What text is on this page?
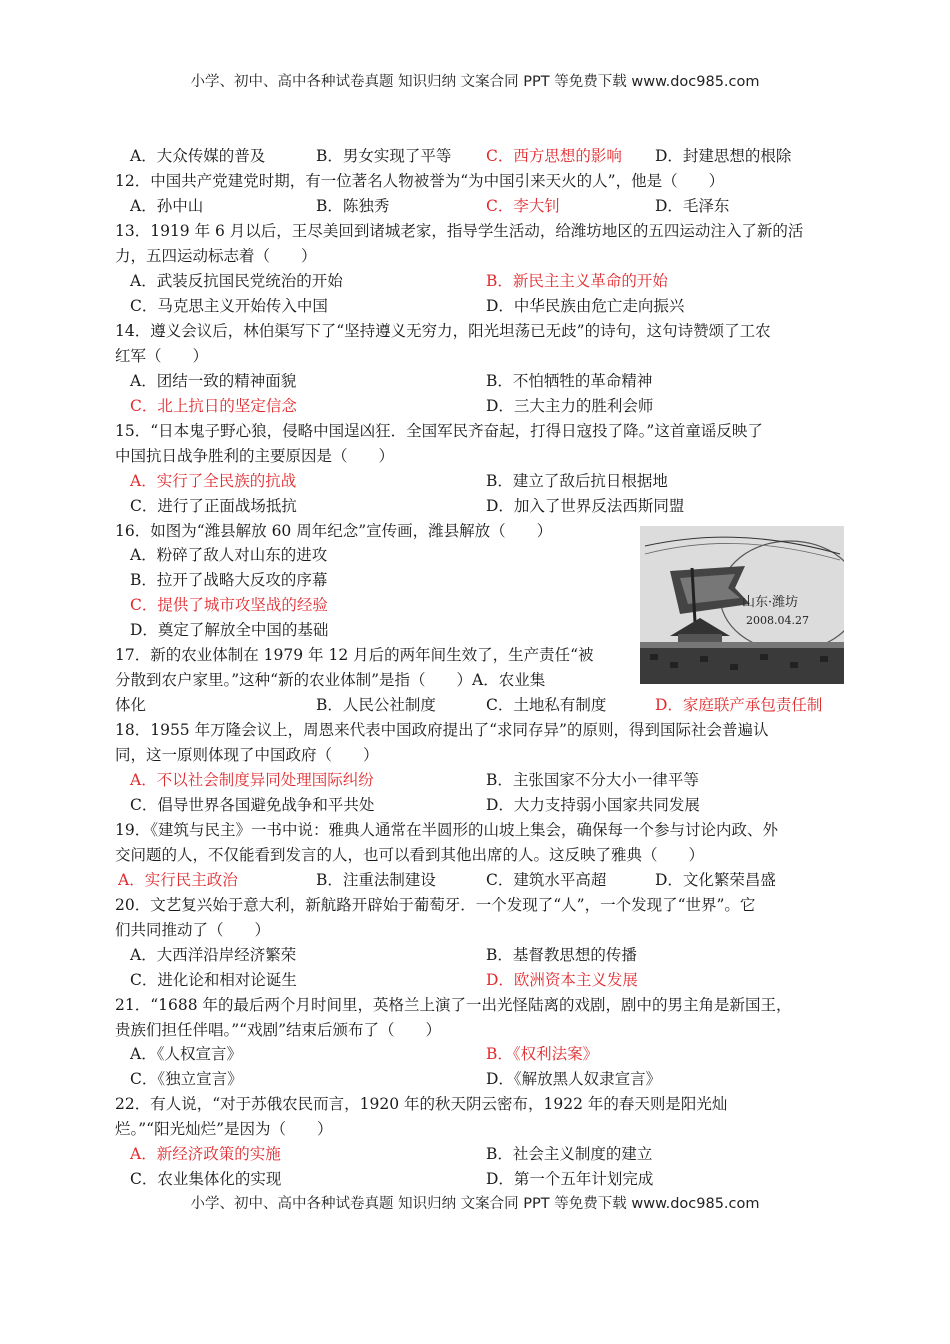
小学、初中、高中各种试卷真题 知识归纳 文案合同 PPT 等免费下载 www.doc985.com
A．大众传媒的普及	B．男女实现了平等 C．西方思想的影响 D．封建思想的根除
12．中国共产党建党时期，有一位著名人物被誉为“为中国引来天火的人”，他是（　　）
A．孙中山	B．陈独秀	C．李大钊	D．毛泽东
13．1919 年 6 月以后，王尽美回到诸城老家，指导学生活动，给潍坊地区的五四运动注入了新的活
力，五四运动标志着（　　）
A．武装反抗国民党统治的开始	B．新民主主义革命的开始
C．马克思主义开始传入中国	D．中华民族由危亡走向振兴
14．遵义会议后，林伯渠写下了“坚持遵义无穷力，阳光坦荡已无歧”的诗句，这句诗赞颂了工农
红军（　　）
A．团结一致的精神面貌	B．不怕牺牲的革命精神
C．北上抗日的坚定信念	D．三大主力的胜利会师
15．“日本鬼子野心狼，侵略中国逞凶狂．全国军民齐奋起，打得日寇投了降。”这首童谣反映了
中国抗日战争胜利的主要原因是（　　）
A．实行了全民族的抗战	B．建立了敌后抗日根据地
C．进行了正面战场抵抗	D．加入了世界反法西斯同盟
16．如图为“潍县解放 60 周年纪念”宣传画，潍县解放（　　）
A．粉碎了敌人对山东的进攻
B．拉开了战略大反攻的序幕
C．提供了城市攻坚战的经验
D．奠定了解放全中国的基础
山东·潍坊
2008.04.27
17．新的农业体制在 1979 年 12 月后的两年间生效了，生产责任“被
分散到农户家里。”这种“新的农业体制”是指（　　）A．农业集
体化	B．人民公社制度	C．土地私有制度	D．家庭联产承包责任制
18．1955 年万隆会议上，周恩来代表中国政府提出了“求同存异”的原则，得到国际社会普遍认
同，这一原则体现了中国政府（　　）
A．不以社会制度异同处理国际纠纷	B．主张国家不分大小一律平等
C．倡导世界各国避免战争和平共处	D．大力支持弱小国家共同发展
19．《建筑与民主》一书中说：雅典人通常在半圆形的山坡上集会，确保每一个参与讨论内政、外
交问题的人，不仅能看到发言的人，也可以看到其他出席的人。这反映了雅典（　　）
A．实行民主政治	B．注重法制建设	C．建筑水平高超	D．文化繁荣昌盛
20．文艺复兴始于意大利，新航路开辟始于葡萄牙．一个发现了“人”，一个发现了“世界”。它
们共同推动了（　　）
A．大西洋沿岸经济繁荣	B．基督教思想的传播
C．进化论和相对论诞生	D．欧洲资本主义发展
21．“1688 年的最后两个月时间里，英格兰上演了一出光怪陆离的戏剧，剧中的男主角是新国王，
贵族们担任伴唱。”“戏剧”结束后颁布了（　　）
A．《人权宣言》	B．《权利法案》
C．《独立宣言》	D．《解放黑人奴隶宣言》
22．有人说，“对于苏俄农民而言，1920 年的秋天阴云密布，1922 年的春天则是阳光灿
烂。”“阳光灿烂”是因为（　　）
A．新经济政策的实施	B．社会主义制度的建立
C．农业集体化的实现	D．第一个五年计划完成
小学、初中、高中各种试卷真题 知识归纳 文案合同 PPT 等免费下载 www.doc985.com
